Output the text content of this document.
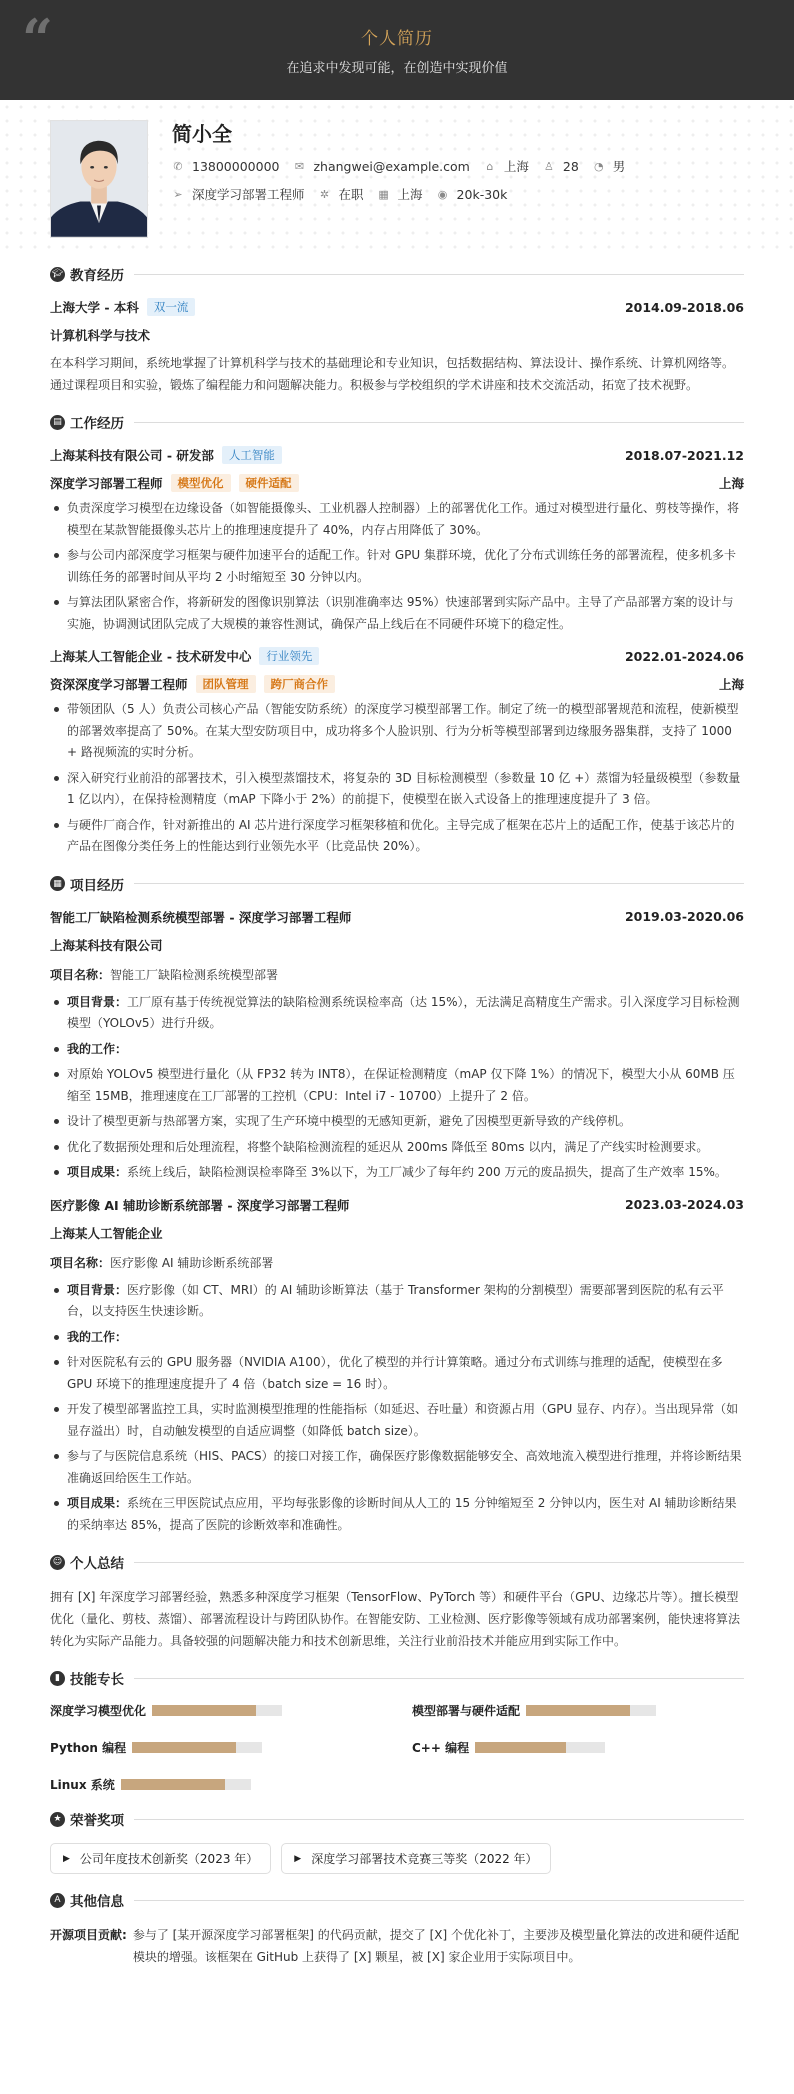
“	个人简历
在追求中发现可能，在创造中实现价值
简小全
✆ 13800000000 ✉ zhangwei@example.com ⌂ 上海 ♙ 28 ◔ 男
➢ 深度学习部署工程师 ✲ 在职 ▦ 上海 ◉ 20k-30k
🎓︎ 教育经历
上海大学 - 本科	双一流	2014.09-2018.06
计算机科学与技术
在本科学习期间，系统地掌握了计算机科学与技术的基础理论和专业知识，包括数据结构、算法设计、操作系统、计算机网络等。通过课程项目和实验，锻炼了编程能力和问题解决能力。积极参与学校组织的学术讲座和技术交流活动，拓宽了技术视野。
▤ 工作经历
上海某科技有限公司 - 研发部	人工智能	2018.07-2021.12
深度学习部署工程师	模型优化	硬件适配	上海
负责深度学习模型在边缘设备（如智能摄像头、工业机器人控制器）上的部署优化工作。通过对模型进行量化、剪枝等操作，将模型在某款智能摄像头芯片上的推理速度提升了 40%，内存占用降低了 30%。
参与公司内部深度学习框架与硬件加速平台的适配工作。针对 GPU 集群环境，优化了分布式训练任务的部署流程，使多机多卡训练任务的部署时间从平均 2 小时缩短至 30 分钟以内。
与算法团队紧密合作，将新研发的图像识别算法（识别准确率达 95%）快速部署到实际产品中。主导了产品部署方案的设计与实施，协调测试团队完成了大规模的兼容性测试，确保产品上线后在不同硬件环境下的稳定性。
上海某人工智能企业 - 技术研发中心	行业领先	2022.01-2024.06
资深深度学习部署工程师	团队管理	跨厂商合作	上海
带领团队（5 人）负责公司核心产品（智能安防系统）的深度学习模型部署工作。制定了统一的模型部署规范和流程，使新模型的部署效率提高了 50%。在某大型安防项目中，成功将多个人脸识别、行为分析等模型部署到边缘服务器集群，支持了 1000 + 路视频流的实时分析。
深入研究行业前沿的部署技术，引入模型蒸馏技术，将复杂的 3D 目标检测模型（参数量 10 亿 +）蒸馏为轻量级模型（参数量 1 亿以内），在保持检测精度（mAP 下降小于 2%）的前提下，使模型在嵌入式设备上的推理速度提升了 3 倍。
与硬件厂商合作，针对新推出的 AI 芯片进行深度学习框架移植和优化。主导完成了框架在芯片上的适配工作，使基于该芯片的产品在图像分类任务上的性能达到行业领先水平（比竞品快 20%）。
▦ 项目经历
智能工厂缺陷检测系统模型部署 - 深度学习部署工程师	2019.03-2020.06
上海某科技有限公司
项目名称：智能工厂缺陷检测系统模型部署
项目背景：工厂原有基于传统视觉算法的缺陷检测系统误检率高（达 15%），无法满足高精度生产需求。引入深度学习目标检测模型（YOLOv5）进行升级。
我的工作：
对原始 YOLOv5 模型进行量化（从 FP32 转为 INT8），在保证检测精度（mAP 仅下降 1%）的情况下，模型大小从 60MB 压缩至 15MB，推理速度在工厂部署的工控机（CPU：Intel i7 - 10700）上提升了 2 倍。
设计了模型更新与热部署方案，实现了生产环境中模型的无感知更新，避免了因模型更新导致的产线停机。
优化了数据预处理和后处理流程，将整个缺陷检测流程的延迟从 200ms 降低至 80ms 以内，满足了产线实时检测要求。
项目成果：系统上线后，缺陷检测误检率降至 3%以下，为工厂减少了每年约 200 万元的废品损失，提高了生产效率 15%。
医疗影像 AI 辅助诊断系统部署 - 深度学习部署工程师	2023.03-2024.03
上海某人工智能企业
项目名称：医疗影像 AI 辅助诊断系统部署
项目背景：医疗影像（如 CT、MRI）的 AI 辅助诊断算法（基于 Transformer 架构的分割模型）需要部署到医院的私有云平台，以支持医生快速诊断。
我的工作：
针对医院私有云的 GPU 服务器（NVIDIA A100），优化了模型的并行计算策略。通过分布式训练与推理的适配，使模型在多 GPU 环境下的推理速度提升了 4 倍（batch size = 16 时）。
开发了模型部署监控工具，实时监测模型推理的性能指标（如延迟、吞吐量）和资源占用（GPU 显存、内存）。当出现异常（如显存溢出）时，自动触发模型的自适应调整（如降低 batch size）。
参与了与医院信息系统（HIS、PACS）的接口对接工作，确保医疗影像数据能够安全、高效地流入模型进行推理，并将诊断结果准确返回给医生工作站。
项目成果：系统在三甲医院试点应用，平均每张影像的诊断时间从人工的 15 分钟缩短至 2 分钟以内，医生对 AI 辅助诊断结果的采纳率达 85%，提高了医院的诊断效率和准确性。
☺ 个人总结
拥有 [X] 年深度学习部署经验，熟悉多种深度学习框架（TensorFlow、PyTorch 等）和硬件平台（GPU、边缘芯片等）。擅长模型优化（量化、剪枝、蒸馏）、部署流程设计与跨团队协作。在智能安防、工业检测、医疗影像等领域有成功部署案例，能快速将算法转化为实际产品能力。具备较强的问题解决能力和技术创新思维，关注行业前沿技术并能应用到实际工作中。
▮ 技能专长
深度学习模型优化	模型部署与硬件适配
Python 编程	C++ 编程
Linux 系统
★ 荣誉奖项
▶ 公司年度技术创新奖（2023 年）	▶ 深度学习部署技术竞赛三等奖（2022 年）
A 其他信息
开源项目贡献: 参与了 [某开源深度学习部署框架] 的代码贡献，提交了 [X] 个优化补丁，主要涉及模型量化算法的改进和硬件适配模块的增强。该框架在 GitHub 上获得了 [X] 颗星，被 [X] 家企业用于实际项目中。
